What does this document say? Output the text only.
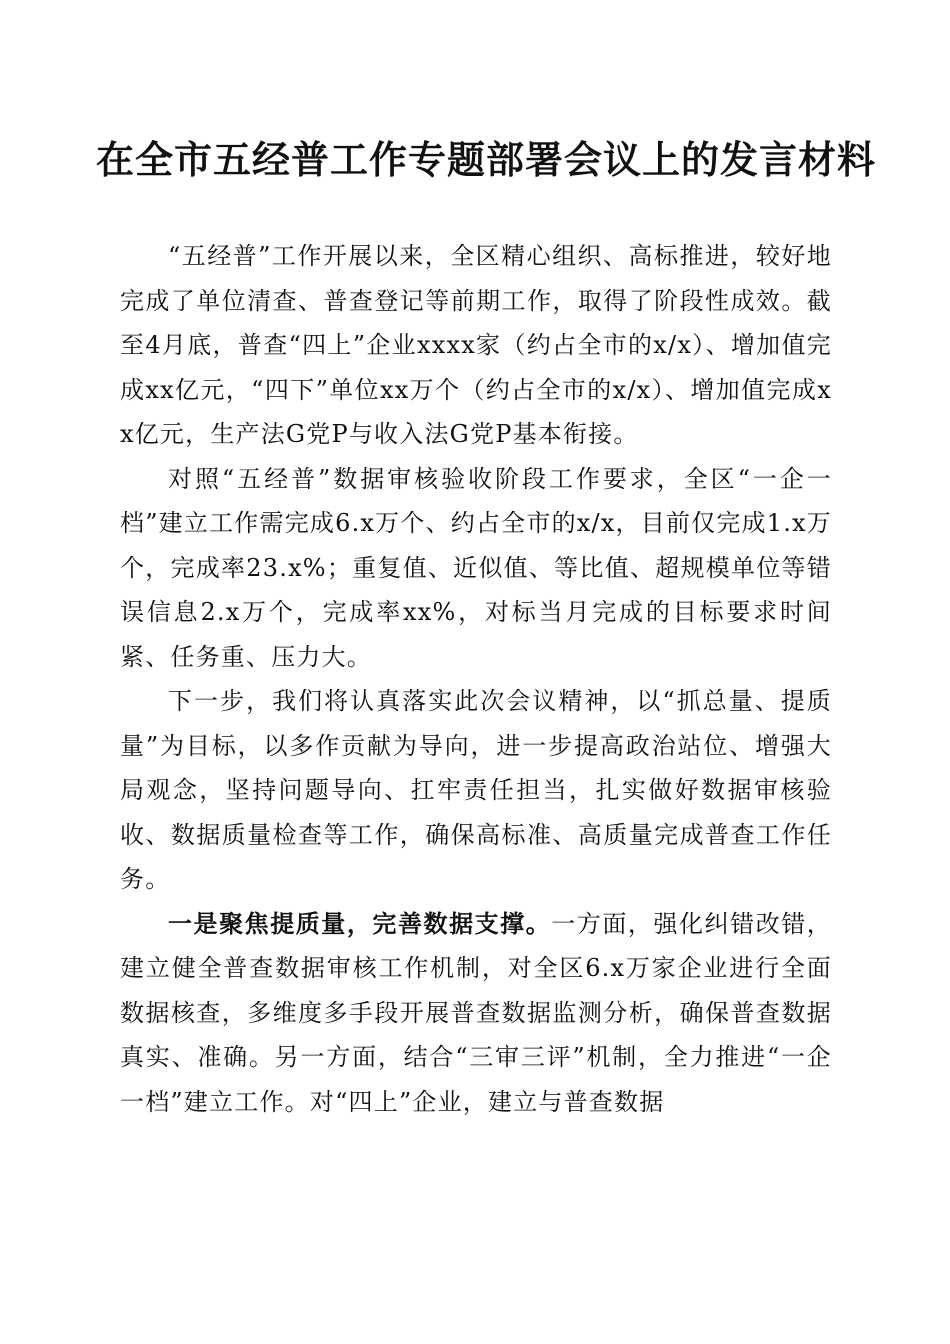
在全市五经普工作专题部署会议上的发言材料

“五经普”工作开展以来，全区精心组织、高标推进，较好地完成了单位清查、普查登记等前期工作，取得了阶段性成效。截至4月底，普查“四上”企业xxxx家（约占全市的x/x）、增加值完成xx亿元，“四下”单位xx万个（约占全市的x/x）、增加值完成xx亿元，生产法G党P与收入法G党P基本衔接。

对照“五经普”数据审核验收阶段工作要求，全区“一企一档”建立工作需完成6.x万个、约占全市的x/x，目前仅完成1.x万个，完成率23.x%；重复值、近似值、等比值、超规模单位等错误信息2.x万个，完成率xx%，对标当月完成的目标要求时间紧、任务重、压力大。

下一步，我们将认真落实此次会议精神，以“抓总量、提质量”为目标，以多作贡献为导向，进一步提高政治站位、增强大局观念，坚持问题导向、扛牢责任担当，扎实做好数据审核验收、数据质量检查等工作，确保高标准、高质量完成普查工作任务。

一是聚焦提质量，完善数据支撑。一方面，强化纠错改错，建立健全普查数据审核工作机制，对全区6.x万家企业进行全面数据核查，多维度多手段开展普查数据监测分析，确保普查数据真实、准确。另一方面，结合“三审三评”机制，全力推进“一企一档”建立工作。对“四上”企业，建立与普查数据
